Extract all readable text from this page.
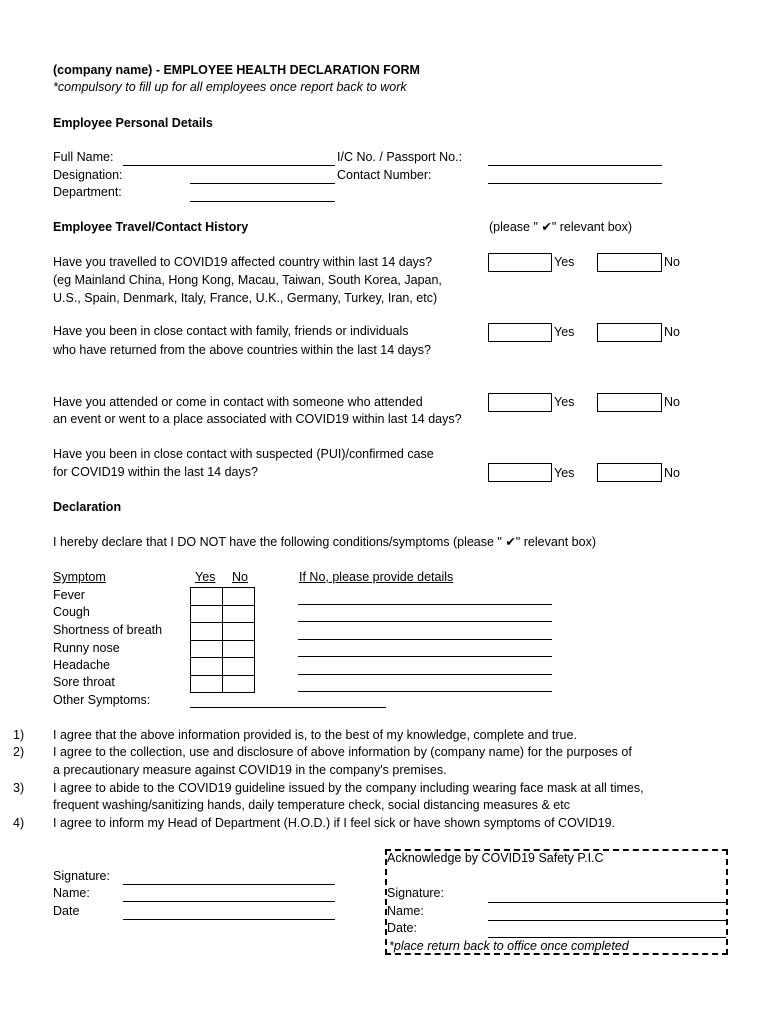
(company name) - EMPLOYEE HEALTH DECLARATION FORM
*compulsory to fill up for all employees once report back to work
Employee Personal Details
Full Name:	I/C No. / Passport No.:
Designation:	Contact Number:
Department:
Employee Travel/Contact History	(please " ✔" relevant box)
Have you travelled to COVID19 affected country within last 14 days?
(eg Mainland China, Hong Kong, Macau, Taiwan, South Korea, Japan,
U.S., Spain, Denmark, Italy, France, U.K., Germany, Turkey, Iran, etc)
Yes	No
Have you been in close contact with family, friends or individuals
who have returned from the above countries within the last 14 days?
Yes	No
Have you attended or come in contact with someone who attended
an event or went to a place associated with COVID19 within last 14 days?
Yes	No
Have you been in close contact with suspected (PUI)/confirmed case
for COVID19 within the last 14 days?	Yes	No
Declaration
I hereby declare that I DO NOT have the following conditions/symptoms (please " ✔" relevant box)
Symptom	Yes No	If No, please provide details
Fever
Cough
Shortness of breath
Runny nose
Headache
Sore throat
Other Symptoms:

1) I agree that the above information provided is, to the best of my knowledge, complete and true.
2) I agree to the collection, use and disclosure of above information by (company name) for the purposes of
a precautionary measure against COVID19 in the company's premises.
3) I agree to abide to the COVID19 guideline issued by the company including wearing face mask at all times,
frequent washing/sanitizing hands, daily temperature check, social distancing measures & etc
4) I agree to inform my Head of Department (H.O.D.) if I feel sick or have shown symptoms of COVID19.
Signature:
Name:
Date
Acknowledge by COVID19 Safety P.I.C
Signature:
Name:
Date:
*place return back to office once completed
